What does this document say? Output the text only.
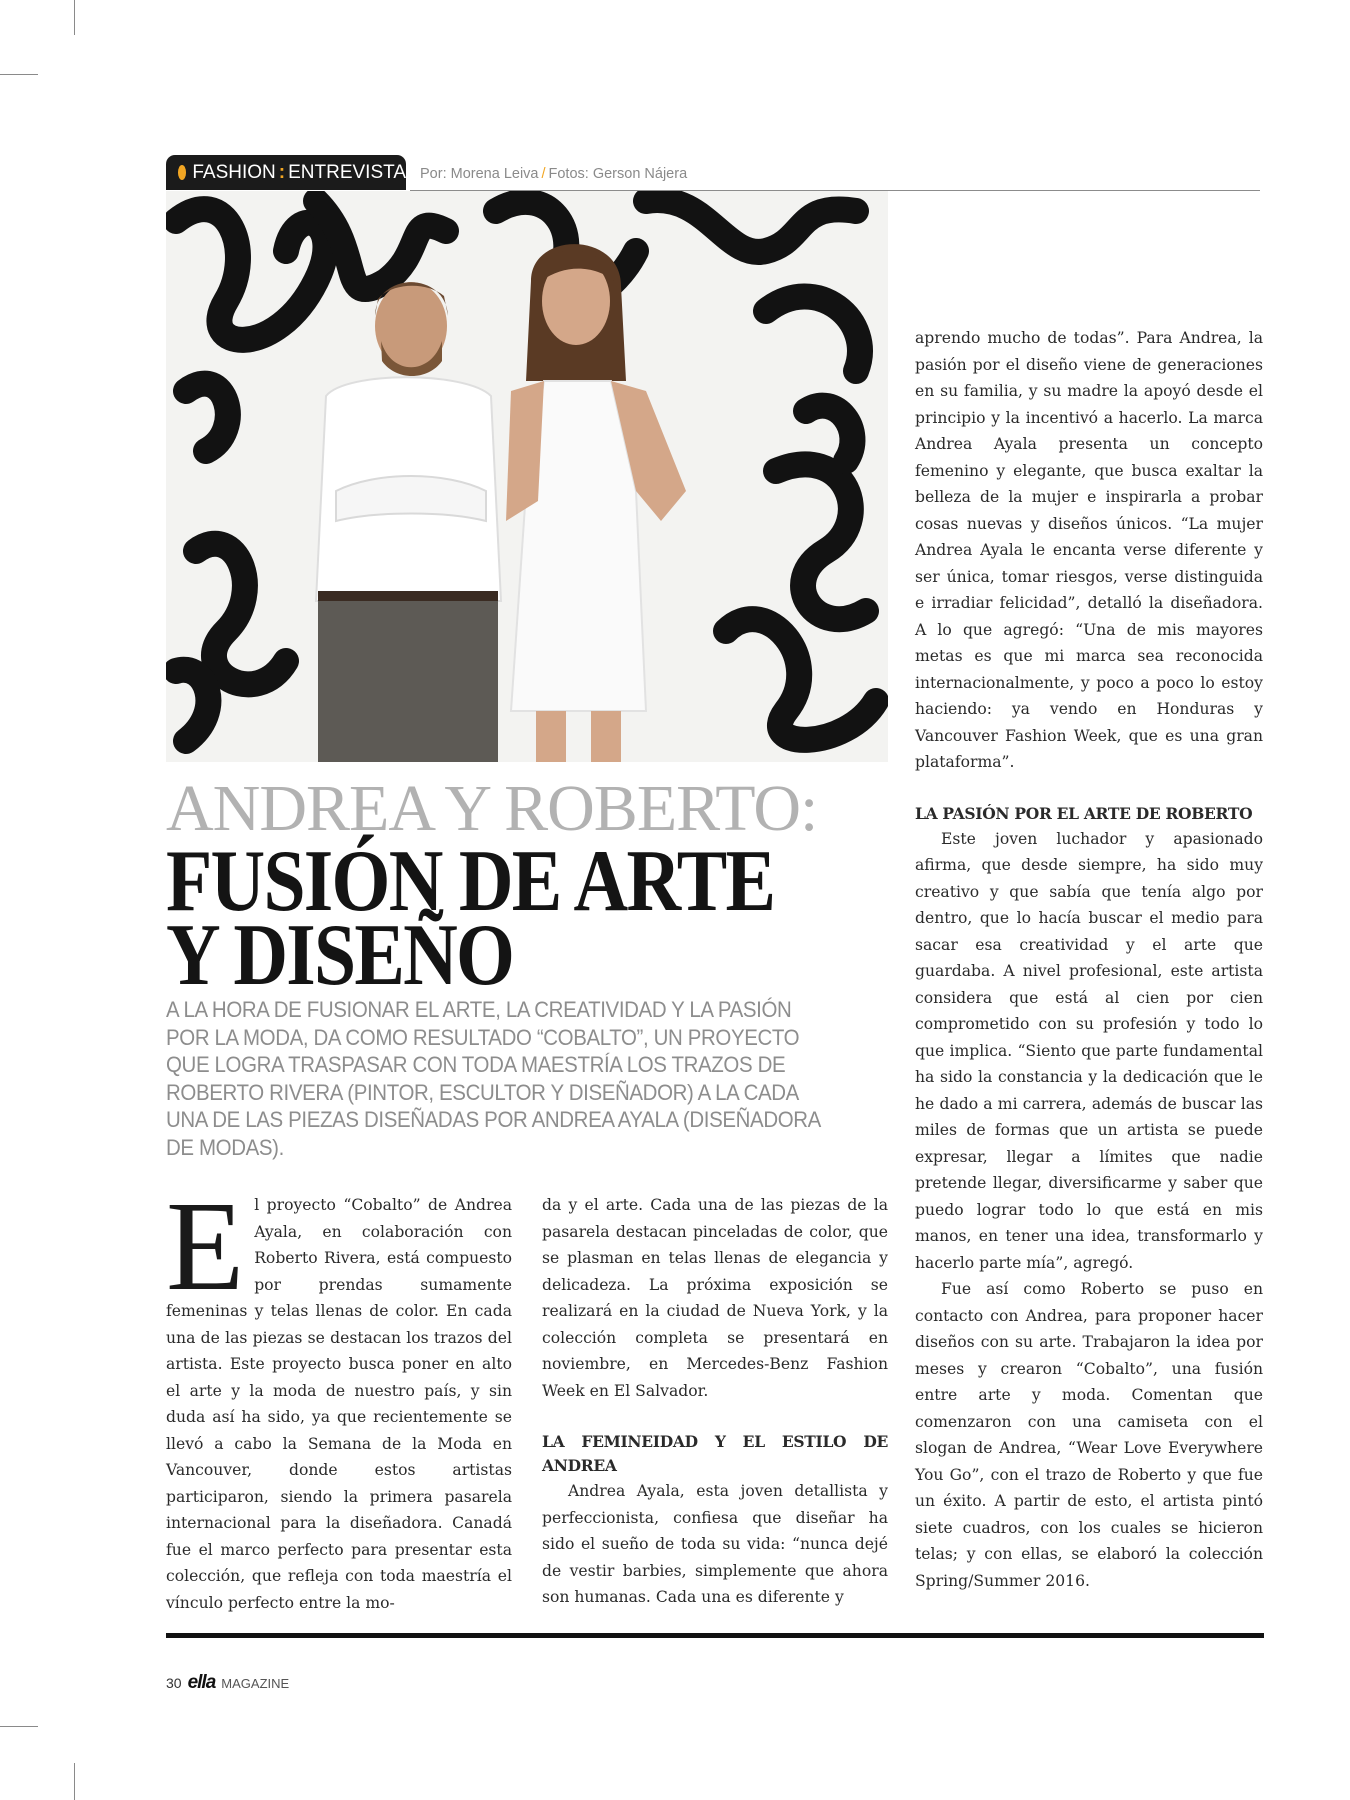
FASHION : ENTREVISTA Por: Morena Leiva / Fotos: Gerson Nájera
ANDREA Y ROBERTO:
FUSIÓN DE ARTE
Y DISEÑO
A LA HORA DE FUSIONAR EL ARTE, LA CREATIVIDAD Y LA PASIÓN POR LA MODA, DA COMO RESULTADO “COBALTO”, UN PROYECTO QUE LOGRA TRASPASAR CON TODA MAESTRÍA LOS TRAZOS DE ROBERTO RIVERA (PINTOR, ESCULTOR Y DISEÑADOR) A LA CADA UNA DE LAS PIEZAS DISEÑADAS POR ANDREA AYALA (DISEÑADORA DE MODAS).

El proyecto “Cobalto” de Andrea Ayala, en colaboración con Roberto Rivera, está compuesto por prendas sumamente femeninas y telas llenas de color. En cada una de las piezas se destacan los trazos del artista. Este proyecto busca poner en alto el arte y la moda de nuestro país, y sin duda así ha sido, ya que recientemente se llevó a cabo la Semana de la Moda en Vancouver, donde estos artistas participaron, siendo la primera pasarela internacional para la diseñadora. Canadá fue el marco perfecto para presentar esta colección, que refleja con toda maestría el vínculo perfecto entre la mo-

da y el arte. Cada una de las piezas de la pasarela destacan pinceladas de color, que se plasman en telas llenas de elegancia y delicadeza. La próxima exposición se realizará en la ciudad de Nueva York, y la colección completa se presentará en noviembre, en Mercedes-Benz Fashion Week en El Salvador.

LA FEMINEIDAD Y EL ESTILO DE ANDREA

Andrea Ayala, esta joven detallista y perfeccionista, confiesa que diseñar ha sido el sueño de toda su vida: “nunca dejé de vestir barbies, simplemente que ahora son humanas. Cada una es diferente y

aprendo mucho de todas”. Para Andrea, la pasión por el diseño viene de generaciones en su familia, y su madre la apoyó desde el principio y la incentivó a hacerlo. La marca Andrea Ayala presenta un concepto femenino y elegante, que busca exaltar la belleza de la mujer e inspirarla a probar cosas nuevas y diseños únicos. “La mujer Andrea Ayala le encanta verse diferente y ser única, tomar riesgos, verse distinguida e irradiar felicidad”, detalló la diseñadora. A lo que agregó: “Una de mis mayores metas es que mi marca sea reconocida internacionalmente, y poco a poco lo estoy haciendo: ya vendo en Honduras y Vancouver Fashion Week, que es una gran plataforma”.

LA PASIÓN POR EL ARTE DE ROBERTO

Este joven luchador y apasionado afirma, que desde siempre, ha sido muy creativo y que sabía que tenía algo por dentro, que lo hacía buscar el medio para sacar esa creatividad y el arte que guardaba. A nivel profesional, este artista considera que está al cien por cien comprometido con su profesión y todo lo que implica. “Siento que parte fundamental ha sido la constancia y la dedicación que le he dado a mi carrera, además de buscar las miles de formas que un artista se puede expresar, llegar a límites que nadie pretende llegar, diversificarme y saber que puedo lograr todo lo que está en mis manos, en tener una idea, transformarlo y hacerlo parte mía”, agregó.

Fue así como Roberto se puso en contacto con Andrea, para proponer hacer diseños con su arte. Trabajaron la idea por meses y crearon “Cobalto”, una fusión entre arte y moda. Comentan que comenzaron con una camiseta con el slogan de Andrea, “Wear Love Everywhere You Go”, con el trazo de Roberto y que fue un éxito. A partir de esto, el artista pintó siete cuadros, con los cuales se hicieron telas; y con ellas, se elaboró la colección Spring/Summer 2016.

30 ella MAGAZINE
